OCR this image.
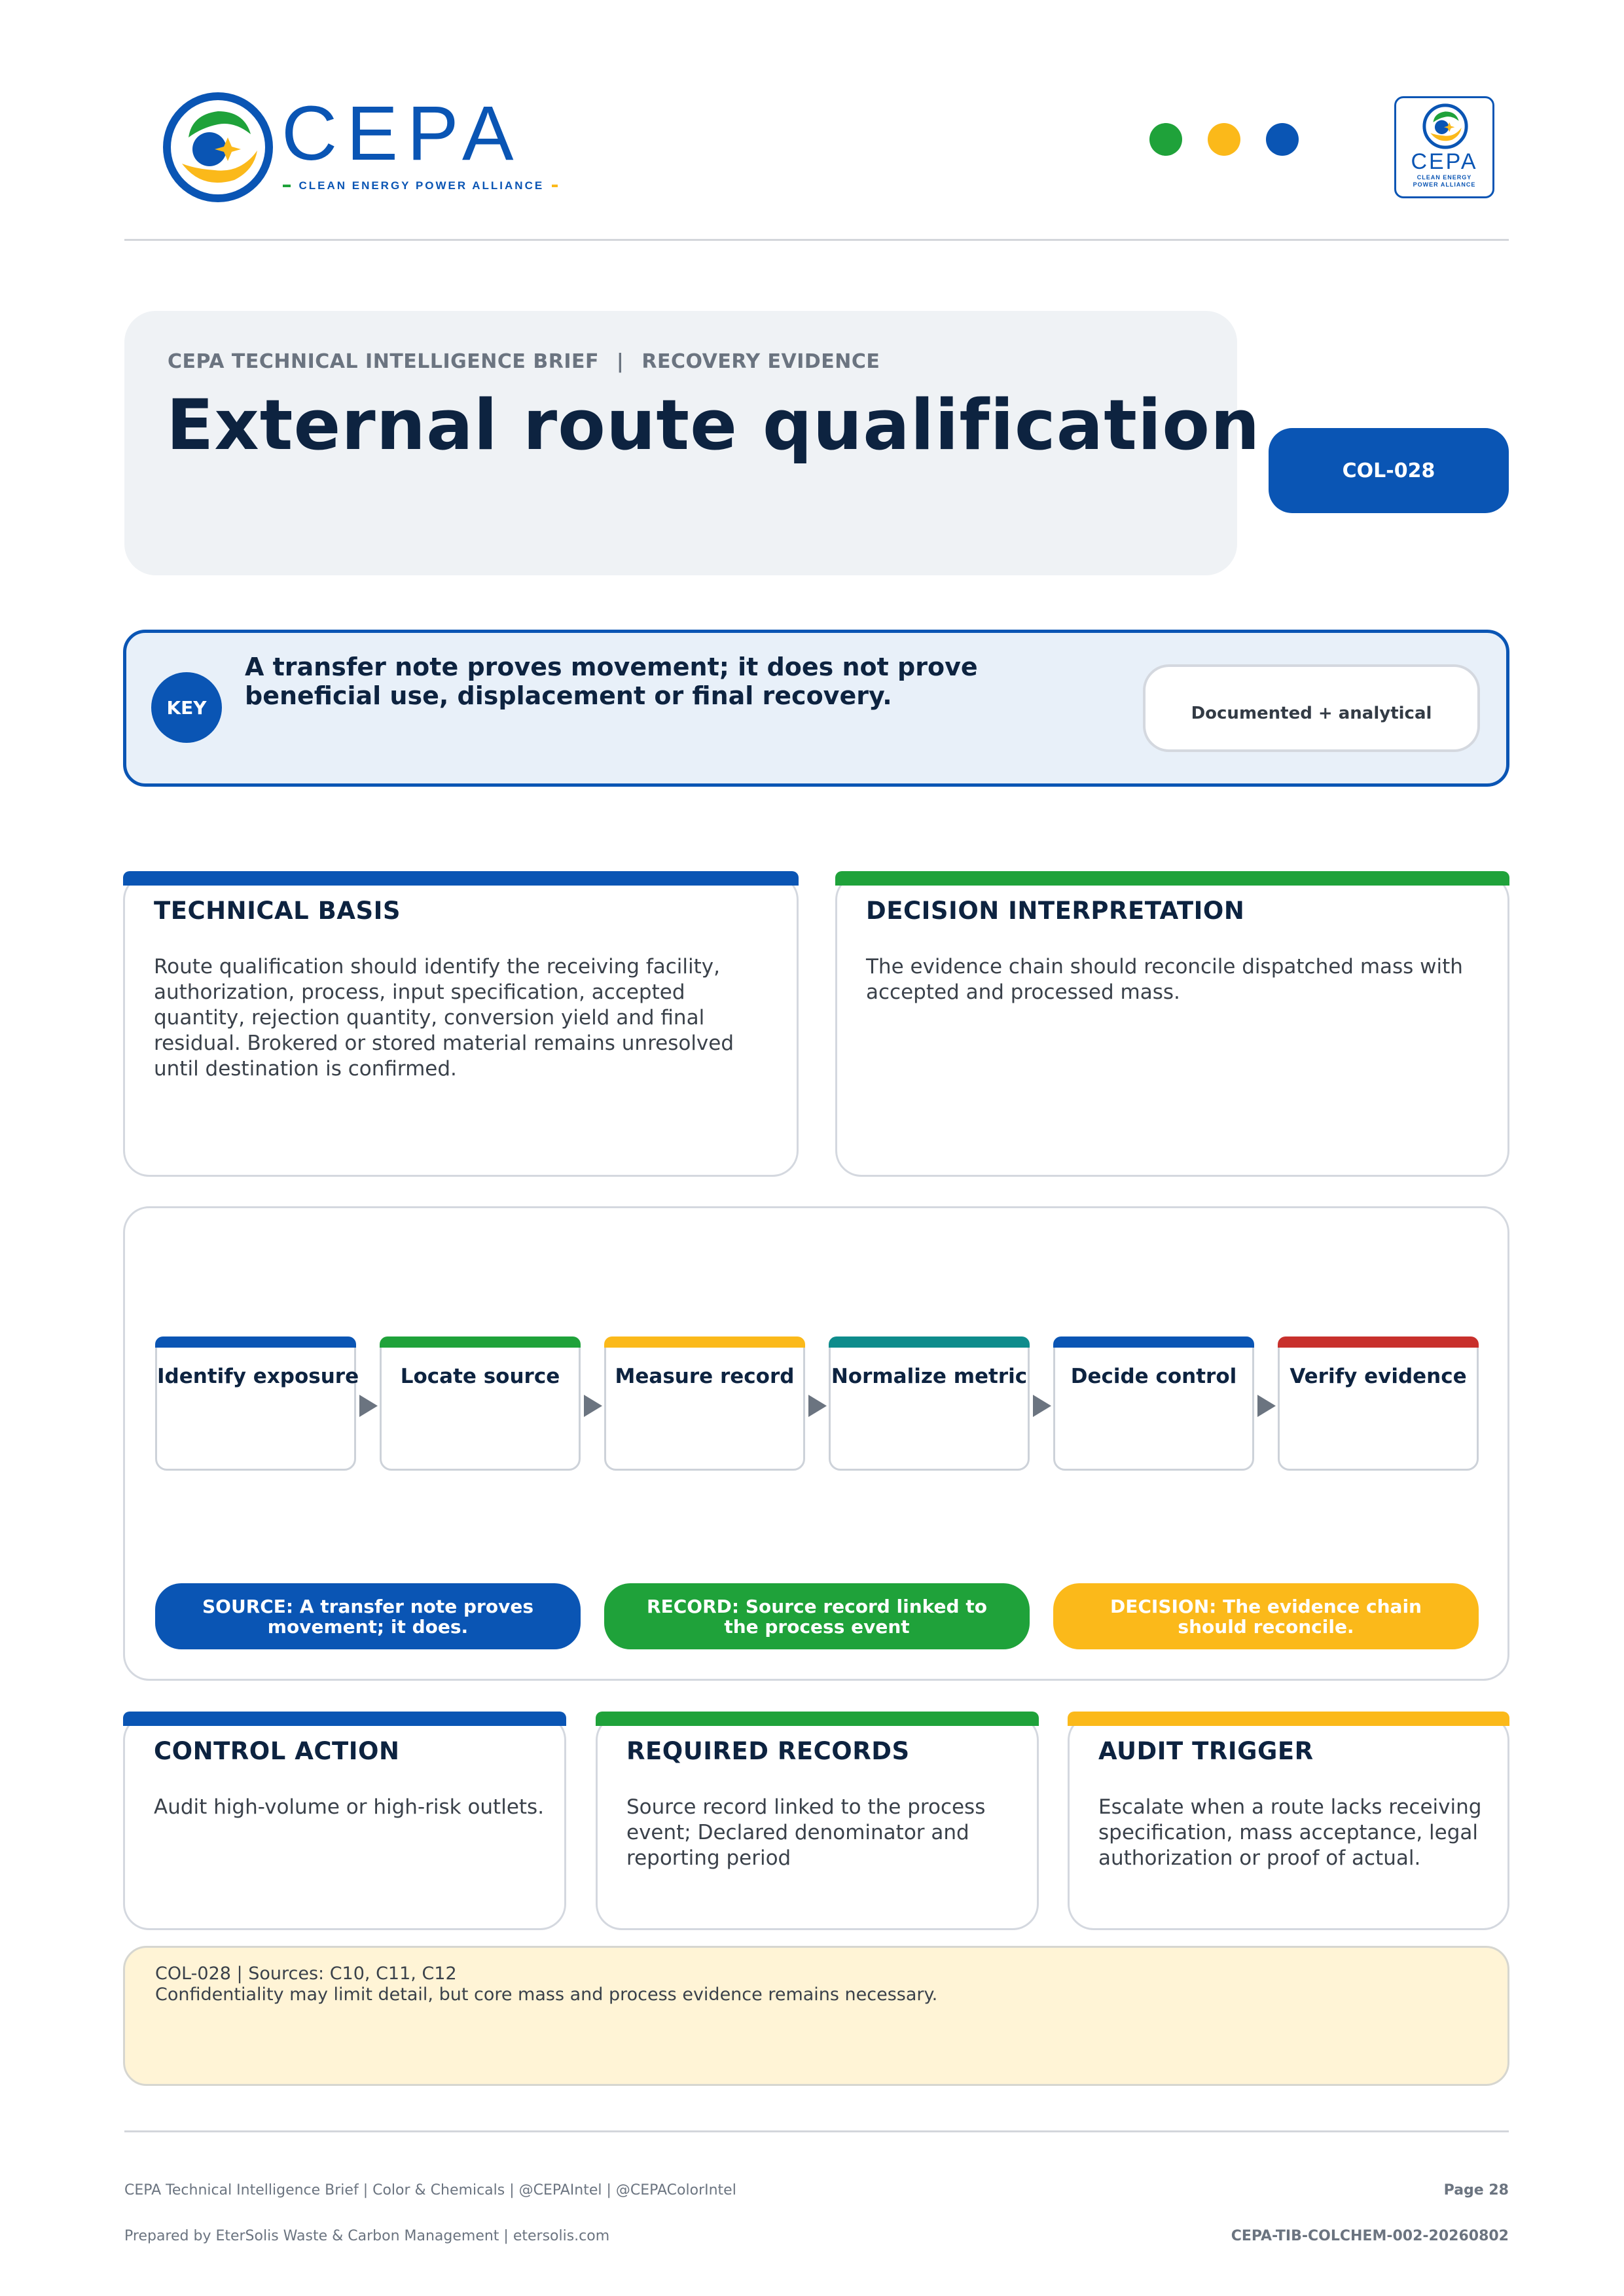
CEPA
CLEAN ENERGY POWER ALLIANCE
CEPA
CLEAN ENERGY POWER ALLIANCE
CEPA TECHNICAL INTELLIGENCE BRIEF | RECOVERY EVIDENCE
External route qualification
COL-028
KEY
A transfer note proves movement; it does not prove beneficial use, displacement or final recovery.
Documented + analytical
TECHNICAL BASIS
Route qualification should identify the receiving facility, authorization, process, input specification, accepted quantity, rejection quantity, conversion yield and final residual. Brokered or stored material remains unresolved until destination is confirmed.
DECISION INTERPRETATION
The evidence chain should reconcile dispatched mass with accepted and processed mass.
Identify exposure	Locate source	Measure record	Normalize metric	Decide control	Verify evidence
SOURCE: A transfer note proves movement; it does.
RECORD: Source record linked to the process event
DECISION: The evidence chain should reconcile.
CONTROL ACTION
Audit high-volume or high-risk outlets.
REQUIRED RECORDS
Source record linked to the process event; Declared denominator and reporting period
AUDIT TRIGGER
Escalate when a route lacks receiving specification, mass acceptance, legal authorization or proof of actual.
COL-028 | Sources: C10, C11, C12
Confidentiality may limit detail, but core mass and process evidence remains necessary.
CEPA Technical Intelligence Brief | Color & Chemicals | @CEPAIntel | @CEPAColorIntel	Page 28
Prepared by EterSolis Waste & Carbon Management | etersolis.com	CEPA-TIB-COLCHEM-002-20260802
